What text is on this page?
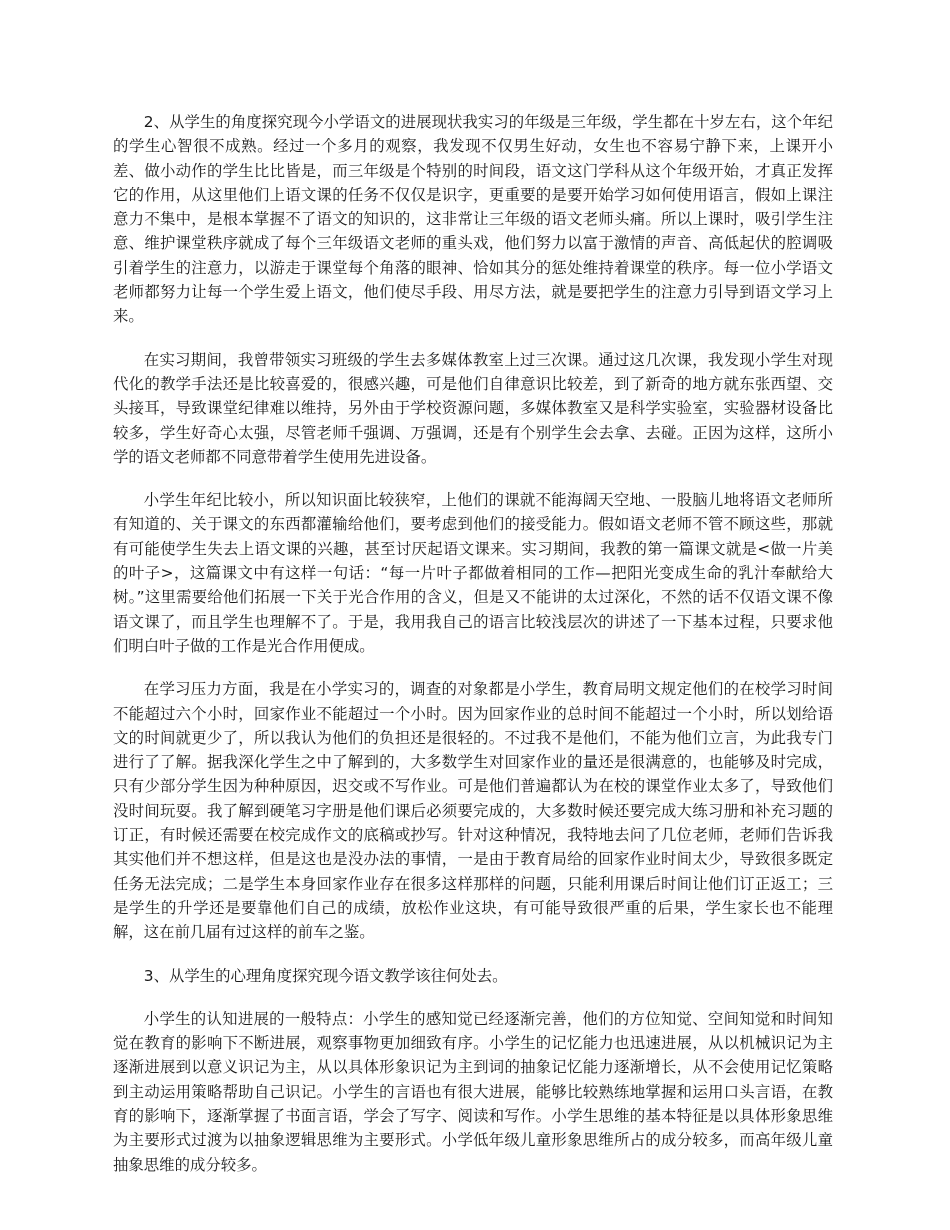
2、从学生的角度探究现今小学语文的进展现状我实习的年级是三年级，学生都在十岁左右，这个年纪的学生心智很不成熟。经过一个多月的观察，我发现不仅男生好动，女生也不容易宁静下来，上课开小差、做小动作的学生比比皆是，而三年级是个特别的时间段，语文这门学科从这个年级开始，才真正发挥它的作用，从这里他们上语文课的任务不仅仅是识字，更重要的是要开始学习如何使用语言，假如上课注意力不集中，是根本掌握不了语文的知识的，这非常让三年级的语文老师头痛。所以上课时，吸引学生注意、维护课堂秩序就成了每个三年级语文老师的重头戏，他们努力以富于激情的声音、高低起伏的腔调吸引着学生的注意力，以游走于课堂每个角落的眼神、恰如其分的惩处维持着课堂的秩序。每一位小学语文老师都努力让每一个学生爱上语文，他们使尽手段、用尽方法，就是要把学生的注意力引导到语文学习上来。

在实习期间，我曾带领实习班级的学生去多媒体教室上过三次课。通过这几次课，我发现小学生对现代化的教学手法还是比较喜爱的，很感兴趣，可是他们自律意识比较差，到了新奇的地方就东张西望、交头接耳，导致课堂纪律难以维持，另外由于学校资源问题，多媒体教室又是科学实验室，实验器材设备比较多，学生好奇心太强，尽管老师千强调、万强调，还是有个别学生会去拿、去碰。正因为这样，这所小学的语文老师都不同意带着学生使用先进设备。

小学生年纪比较小，所以知识面比较狭窄，上他们的课就不能海阔天空地、一股脑儿地将语文老师所有知道的、关于课文的东西都灌输给他们，要考虑到他们的接受能力。假如语文老师不管不顾这些，那就有可能使学生失去上语文课的兴趣，甚至讨厌起语文课来。实习期间，我教的第一篇课文就是<做一片美的叶子>，这篇课文中有这样一句话：“每一片叶子都做着相同的工作—把阳光变成生命的乳汁奉献给大树。”这里需要给他们拓展一下关于光合作用的含义，但是又不能讲的太过深化，不然的话不仅语文课不像语文课了，而且学生也理解不了。于是，我用我自己的语言比较浅层次的讲述了一下基本过程，只要求他们明白叶子做的工作是光合作用便成。

在学习压力方面，我是在小学实习的，调查的对象都是小学生，教育局明文规定他们的在校学习时间不能超过六个小时，回家作业不能超过一个小时。因为回家作业的总时间不能超过一个小时，所以划给语文的时间就更少了，所以我认为他们的负担还是很轻的。不过我不是他们，不能为他们立言，为此我专门进行了了解。据我深化学生之中了解到的，大多数学生对回家作业的量还是很满意的，也能够及时完成，只有少部分学生因为种种原因，迟交或不写作业。可是他们普遍都认为在校的课堂作业太多了，导致他们没时间玩耍。我了解到硬笔习字册是他们课后必须要完成的，大多数时候还要完成大练习册和补充习题的订正，有时候还需要在校完成作文的底稿或抄写。针对这种情况，我特地去问了几位老师，老师们告诉我其实他们并不想这样，但是这也是没办法的事情，一是由于教育局给的回家作业时间太少，导致很多既定任务无法完成；二是学生本身回家作业存在很多这样那样的问题，只能利用课后时间让他们订正返工；三是学生的升学还是要靠他们自己的成绩，放松作业这块，有可能导致很严重的后果，学生家长也不能理解，这在前几届有过这样的前车之鉴。

3、从学生的心理角度探究现今语文教学该往何处去。

小学生的认知进展的一般特点：小学生的感知觉已经逐渐完善，他们的方位知觉、空间知觉和时间知觉在教育的影响下不断进展，观察事物更加细致有序。小学生的记忆能力也迅速进展，从以机械识记为主逐渐进展到以意义识记为主，从以具体形象识记为主到词的抽象记忆能力逐渐增长，从不会使用记忆策略到主动运用策略帮助自己识记。小学生的言语也有很大进展，能够比较熟练地掌握和运用口头言语，在教育的影响下，逐渐掌握了书面言语，学会了写字、阅读和写作。小学生思维的基本特征是以具体形象思维为主要形式过渡为以抽象逻辑思维为主要形式。小学低年级儿童形象思维所占的成分较多，而高年级儿童抽象思维的成分较多。
